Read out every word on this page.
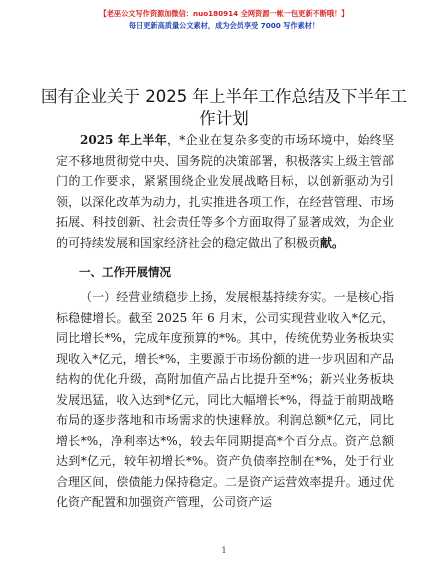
【老巫公文写作资源加微信：nuo180914 全网资源一帐一包更新不断哦！】
每日更新高质量公文素材，成为会员享受 7000 写作素材！
国有企业关于 2025 年上半年工作总结及下半年工作计划

2025 年上半年，*企业在复杂多变的市场环境中，始终坚定不移地贯彻党中央、国务院的决策部署，积极落实上级主管部门的工作要求，紧紧围绕企业发展战略目标，以创新驱动为引领，以深化改革为动力，扎实推进各项工作，在经营管理、市场拓展、科技创新、社会责任等多个方面取得了显著成效，为企业的可持续发展和国家经济社会的稳定做出了积极贡献。

一、工作开展情况

（一）经营业绩稳步上扬，发展根基持续夯实。一是核心指标稳健增长。截至 2025 年 6 月末，公司实现营业收入*亿元，同比增长*%，完成年度预算的*%。其中，传统优势业务板块实现收入*亿元，增长*%，主要源于市场份额的进一步巩固和产品结构的优化升级，高附加值产品占比提升至*%；新兴业务板块发展迅猛，收入达到*亿元，同比大幅增长*%，得益于前期战略布局的逐步落地和市场需求的快速释放。利润总额*亿元，同比增长*%，净利率达*%，较去年同期提高*个百分点。资产总额达到*亿元，较年初增长*%。资产负债率控制在*%，处于行业合理区间，偿债能力保持稳定。二是资产运营效率提升。通过优化资产配置和加强资产管理，公司资产运

1
